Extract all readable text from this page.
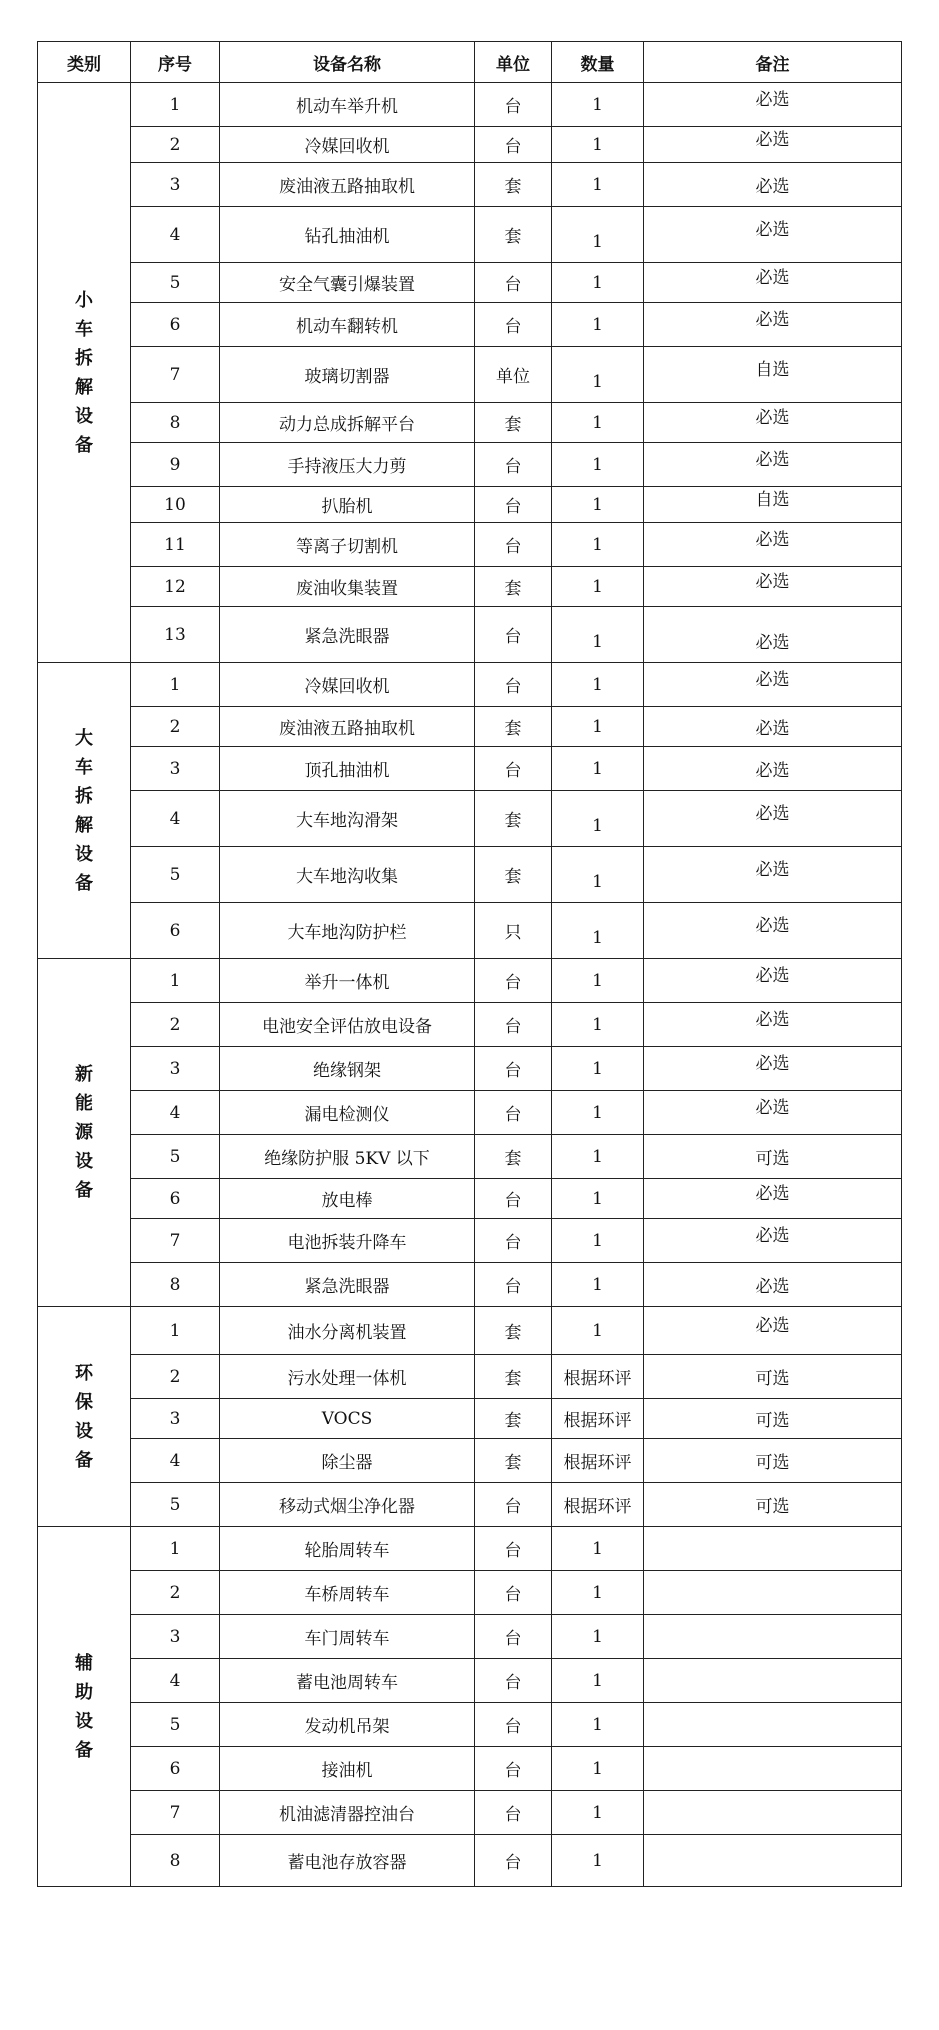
类别	序号	设备名称	单位	数量	备注
小车拆解设备	1	机动车举升机	台	1	必选
	2	冷媒回收机	台	1	必选
	3	废油液五路抽取机	套	1	必选
	4	钻孔抽油机	套	1	必选
	5	安全气囊引爆装置	台	1	必选
	6	机动车翻转机	台	1	必选
	7	玻璃切割器	单位	1	自选
	8	动力总成拆解平台	套	1	必选
	9	手持液压大力剪	台	1	必选
	10	扒胎机	台	1	自选
	11	等离子切割机	台	1	必选
	12	废油收集装置	套	1	必选
	13	紧急洗眼器	台	1	必选
大车拆解设备	1	冷媒回收机	台	1	必选
	2	废油液五路抽取机	套	1	必选
	3	顶孔抽油机	台	1	必选
	4	大车地沟滑架	套	1	必选
	5	大车地沟收集	套	1	必选
	6	大车地沟防护栏	只	1	必选
新能源设备	1	举升一体机	台	1	必选
	2	电池安全评估放电设备	台	1	必选
	3	绝缘钢架	台	1	必选
	4	漏电检测仪	台	1	必选
	5	绝缘防护服 5KV 以下	套	1	可选
	6	放电棒	台	1	必选
	7	电池拆装升降车	台	1	必选
	8	紧急洗眼器	台	1	必选
环保设备	1	油水分离机装置	套	1	必选
	2	污水处理一体机	套	根据环评	可选
	3	VOCS	套	根据环评	可选
	4	除尘器	套	根据环评	可选
	5	移动式烟尘净化器	台	根据环评	可选
辅助设备	1	轮胎周转车	台	1	
	2	车桥周转车	台	1	
	3	车门周转车	台	1	
	4	蓄电池周转车	台	1	
	5	发动机吊架	台	1	
	6	接油机	台	1	
	7	机油滤清器控油台	台	1	
	8	蓄电池存放容器	台	1	
